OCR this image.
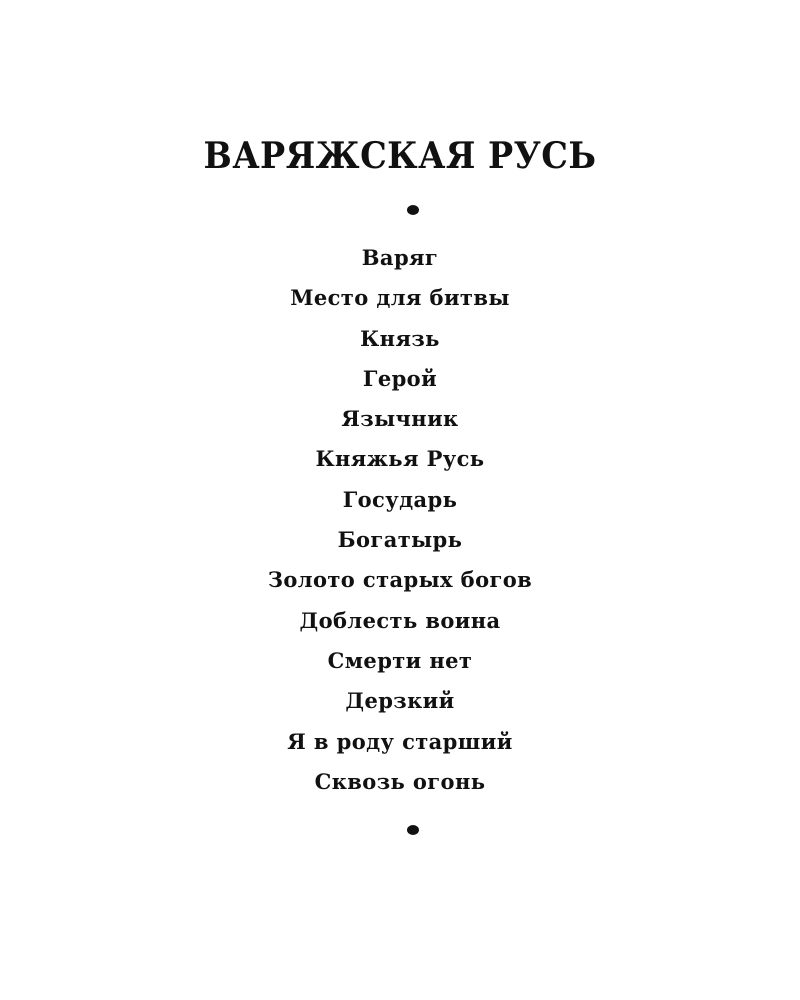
ВАРЯЖСКАЯ РУСЬ
Варяг
Место для битвы
Князь
Герой
Язычник
Княжья Русь
Государь
Богатырь
Золото старых богов
Доблесть воина
Смерти нет
Дерзкий
Я в роду старший
Сквозь огонь
